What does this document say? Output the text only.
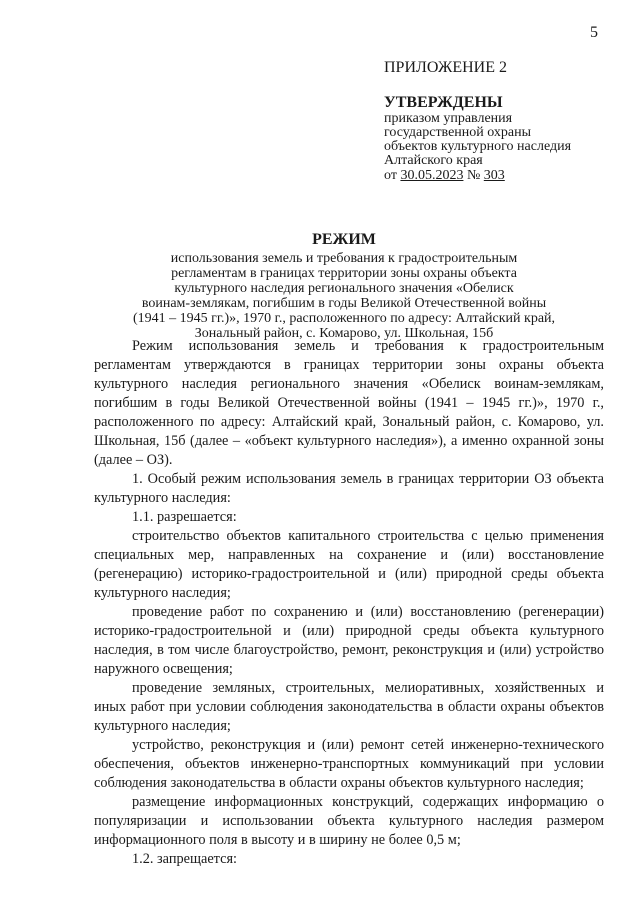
5
ПРИЛОЖЕНИЕ 2
УТВЕРЖДЕНЫ
приказом управления
государственной охраны
объектов культурного наследия
Алтайского края
от 30.05.2023 № 303
РЕЖИМ
использования земель и требования к градостроительным
регламентам в границах территории зоны охраны объекта
культурного наследия регионального значения «Обелиск
воинам-землякам, погибшим в годы Великой Отечественной войны
(1941 – 1945 гг.)», 1970 г., расположенного по адресу: Алтайский край,
Зональный район, с. Комарово, ул. Школьная, 15б

Режим использования земель и требования к градостроительным регламентам утверждаются в границах территории зоны охраны объекта культурного наследия регионального значения «Обелиск воинам-землякам, погибшим в годы Великой Отечественной войны (1941 – 1945 гг.)», 1970 г., расположенного по адресу: Алтайский край, Зональный район, с. Комарово, ул. Школьная, 15б (далее – «объект культурного наследия»), а именно охранной зоны (далее – ОЗ).

1. Особый режим использования земель в границах территории ОЗ объекта культурного наследия:

1.1. разрешается:

строительство объектов капитального строительства с целью применения специальных мер, направленных на сохранение и (или) восстановление (регенерацию) историко-градостроительной и (или) природной среды объекта культурного наследия;

проведение работ по сохранению и (или) восстановлению (регенерации) историко-градостроительной и (или) природной среды объекта культурного наследия, в том числе благоустройство, ремонт, реконструкция и (или) устройство наружного освещения;

проведение земляных, строительных, мелиоративных, хозяйственных и иных работ при условии соблюдения законодательства в области охраны объектов культурного наследия;

устройство, реконструкция и (или) ремонт сетей инженерно-технического обеспечения, объектов инженерно-транспортных коммуникаций при условии соблюдения законодательства в области охраны объектов культурного наследия;

размещение информационных конструкций, содержащих информацию о популяризации и использовании объекта культурного наследия размером информационного поля в высоту и в ширину не более 0,5 м;

1.2. запрещается:
